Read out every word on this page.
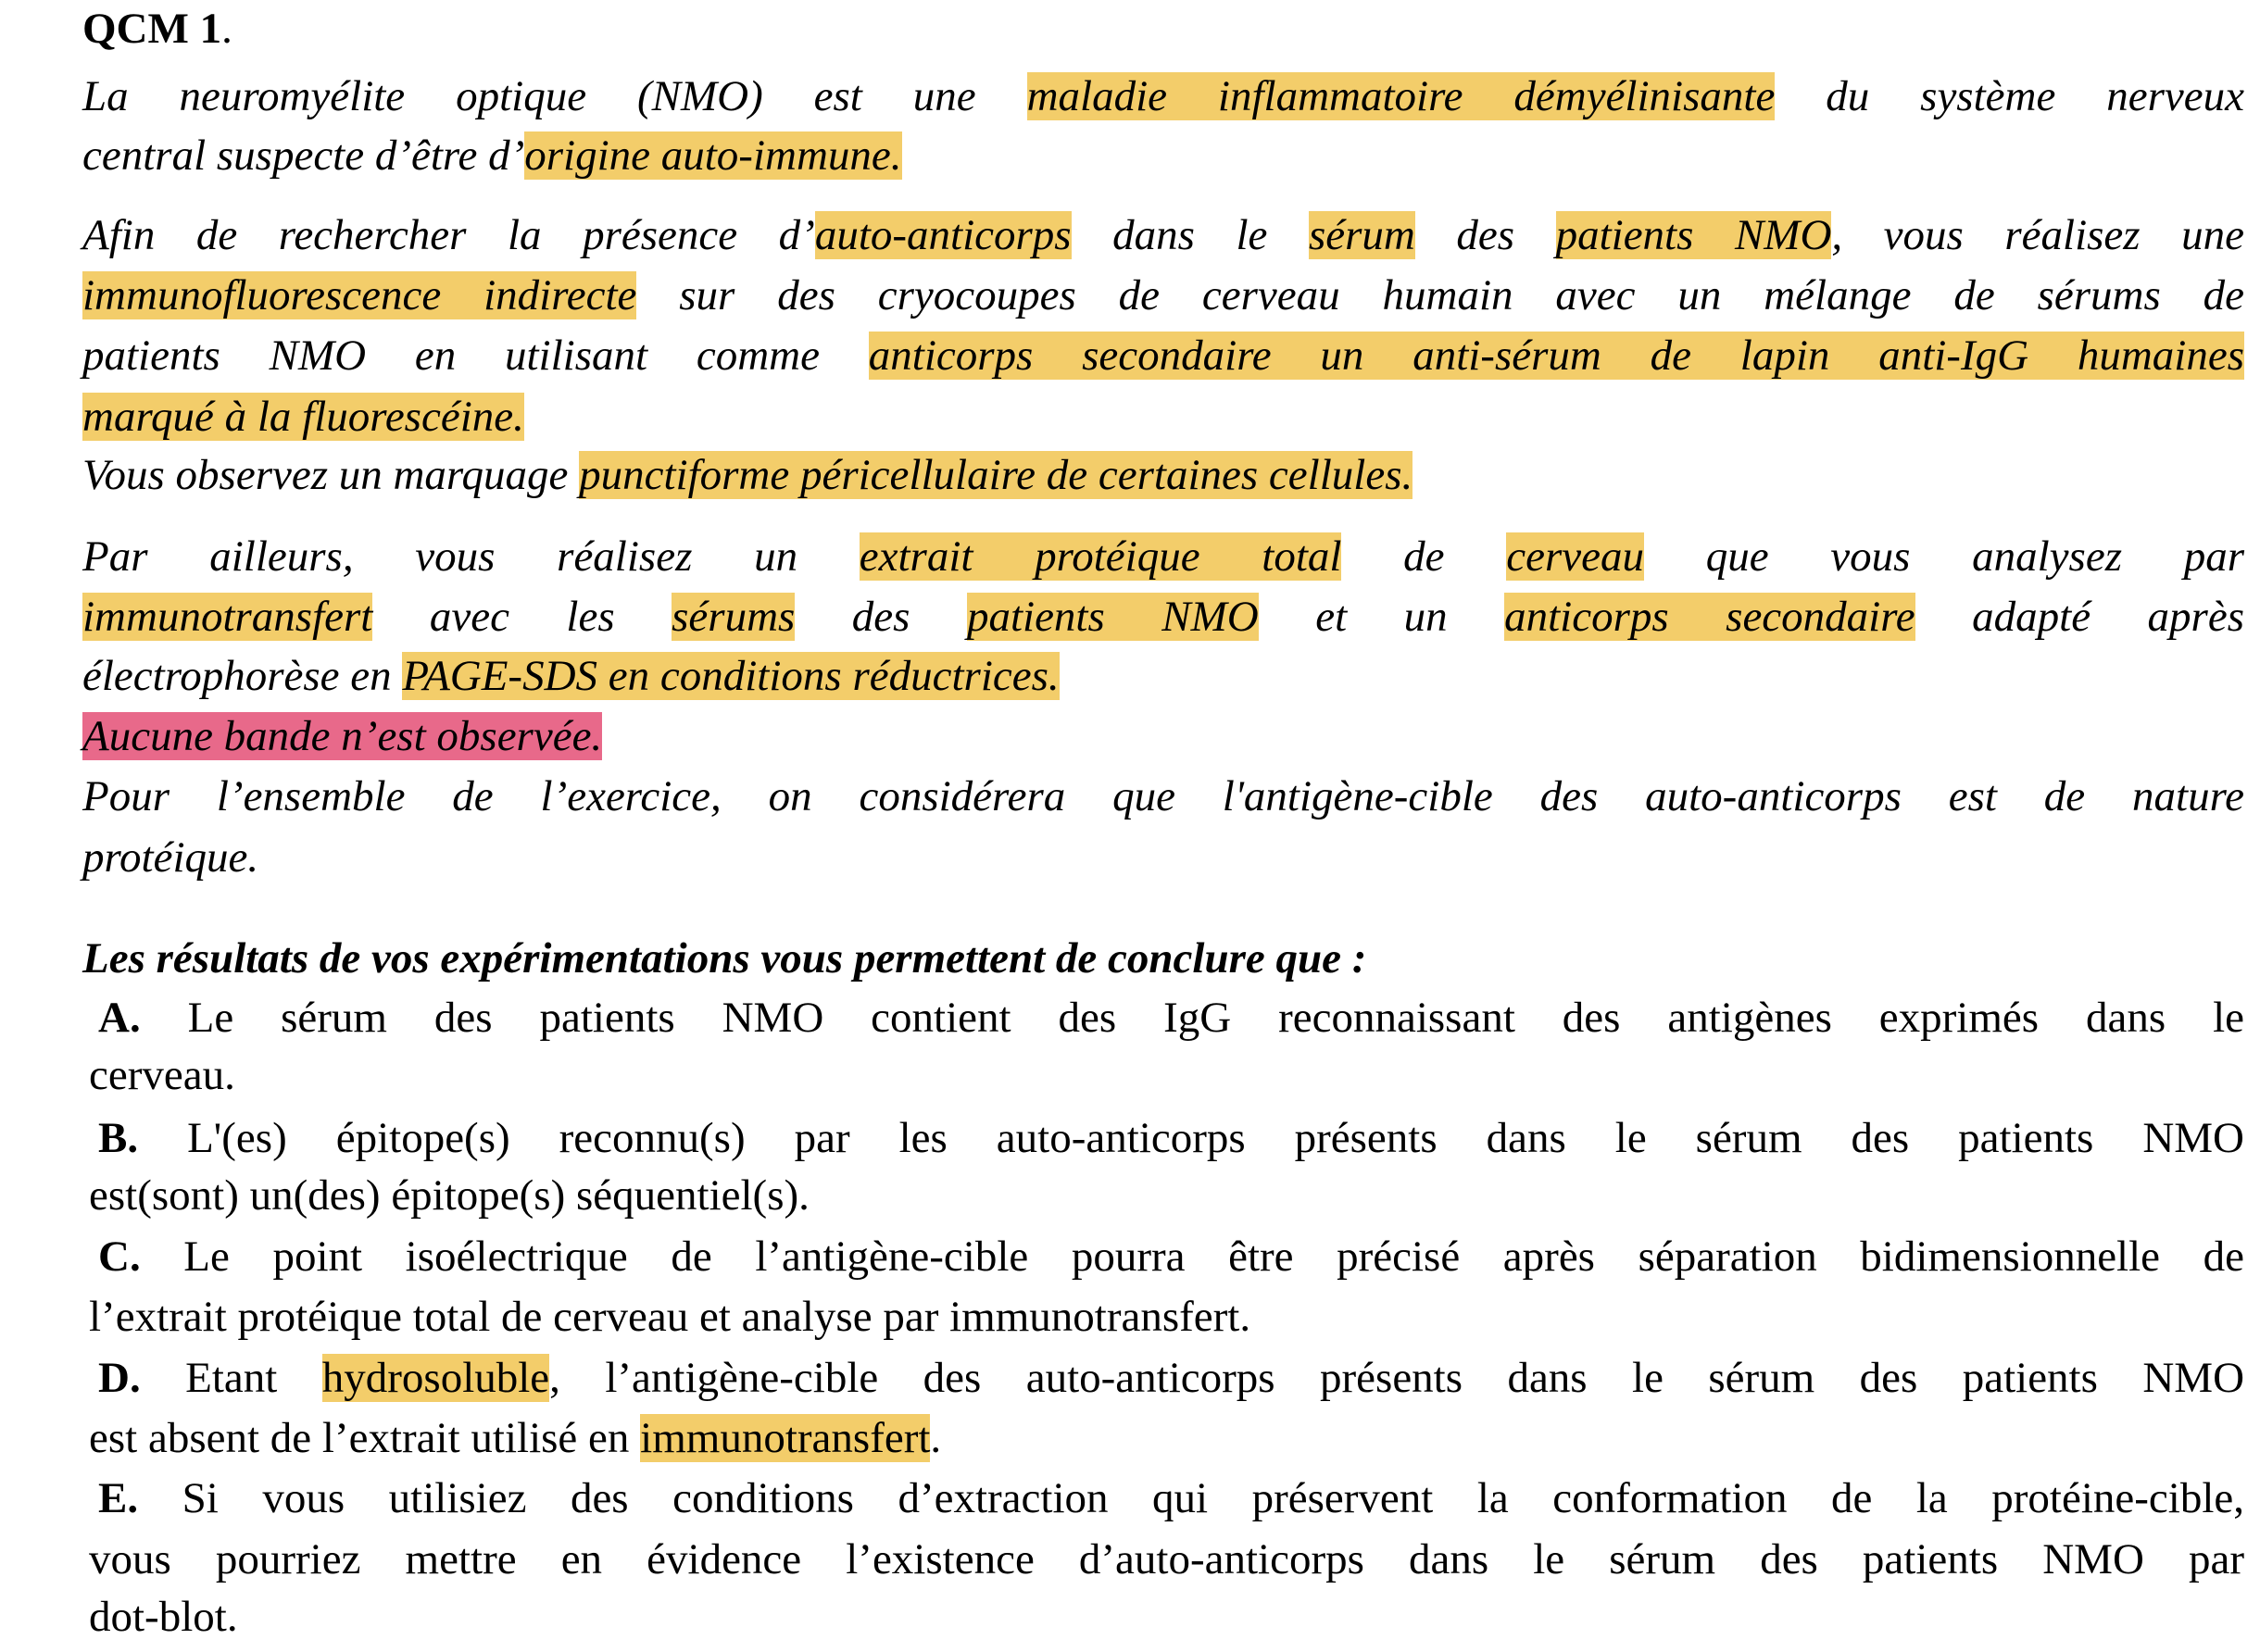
QCM 1.
La neuromyélite optique (NMO) est une maladie inflammatoire démyélinisante du système nerveux
central suspecte d’être d’origine auto-immune.
Afin de rechercher la présence d’auto-anticorps dans le sérum des patients NMO, vous réalisez une
immunofluorescence indirecte sur des cryocoupes de cerveau humain avec un mélange de sérums de
patients NMO en utilisant comme anticorps secondaire un anti-sérum de lapin anti-IgG humaines
marqué à la fluorescéine.
Vous observez un marquage punctiforme péricellulaire de certaines cellules.
Par ailleurs, vous réalisez un extrait protéique total de cerveau que vous analysez par
immunotransfert avec les sérums des patients NMO et un anticorps secondaire adapté après
électrophorèse en PAGE-SDS en conditions réductrices.
Aucune bande n’est observée.
Pour l’ensemble de l’exercice, on considérera que l'antigène-cible des auto-anticorps est de nature
protéique.
Les résultats de vos expérimentations vous permettent de conclure que :
A. Le sérum des patients NMO contient des IgG reconnaissant des antigènes exprimés dans le
cerveau.
B. L'(es) épitope(s) reconnu(s) par les auto-anticorps présents dans le sérum des patients NMO
est(sont) un(des) épitope(s) séquentiel(s).
C. Le point isoélectrique de l’antigène-cible pourra être précisé après séparation bidimensionnelle de
l’extrait protéique total de cerveau et analyse par immunotransfert.
D. Etant hydrosoluble, l’antigène-cible des auto-anticorps présents dans le sérum des patients NMO
est absent de l’extrait utilisé en immunotransfert.
E. Si vous utilisiez des conditions d’extraction qui préservent la conformation de la protéine-cible,
vous pourriez mettre en évidence l’existence d’auto-anticorps dans le sérum des patients NMO par
dot-blot.
